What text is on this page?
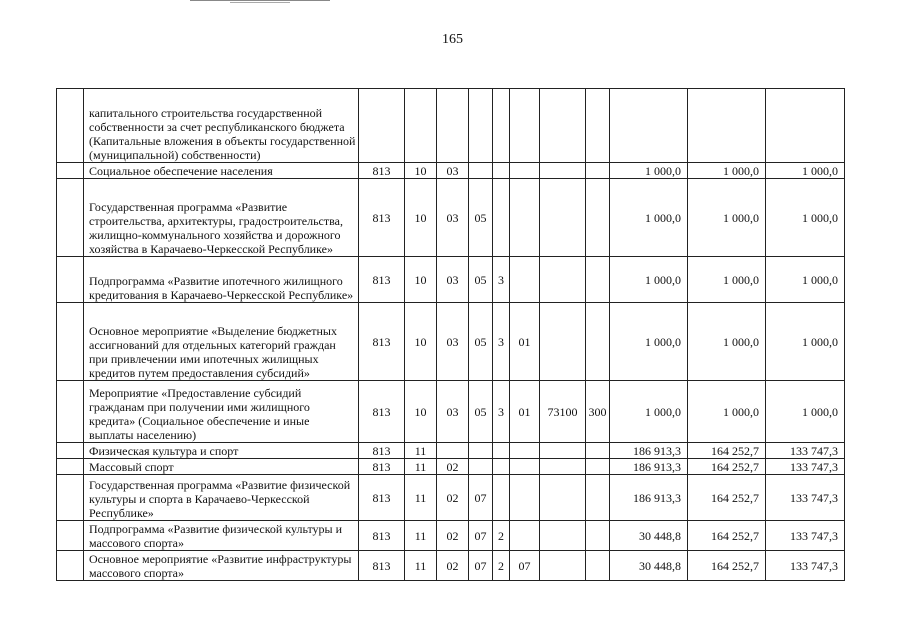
165
	капитального строительства государственной собственности за счет республиканского бюджета (Капитальные вложения в объекты государственной (муниципальной) собственности)											
	Социальное обеспечение населения	813	10	03						1 000,0	1 000,0	1 000,0
	Государственная программа «Развитие строительства, архитектуры, градостроительства, жилищно-коммунального хозяйства и дорожного хозяйства в Карачаево-Черкесской Республике»	813	10	03	05					1 000,0	1 000,0	1 000,0
	Подпрограмма «Развитие ипотечного жилищного кредитования в Карачаево-Черкесской Республике»	813	10	03	05	3				1 000,0	1 000,0	1 000,0
	Основное мероприятие «Выделение бюджетных ассигнований для отдельных категорий граждан при привлечении ими ипотечных жилищных кредитов путем предоставления субсидий»	813	10	03	05	3	01			1 000,0	1 000,0	1 000,0
	Мероприятие «Предоставление субсидий гражданам при получении ими жилищного кредита» (Социальное обеспечение и иные выплаты населению)	813	10	03	05	3	01	73100	300	1 000,0	1 000,0	1 000,0
	Физическая культура и спорт	813	11							186 913,3	164 252,7	133 747,3
	Массовый спорт	813	11	02						186 913,3	164 252,7	133 747,3
	Государственная программа «Развитие физической культуры и спорта в Карачаево-Черкесской Республике»	813	11	02	07					186 913,3	164 252,7	133 747,3
	Подпрограмма «Развитие физической культуры и массового спорта»	813	11	02	07	2				30 448,8	164 252,7	133 747,3
	Основное мероприятие «Развитие инфраструктуры массового спорта»	813	11	02	07	2	07			30 448,8	164 252,7	133 747,3
